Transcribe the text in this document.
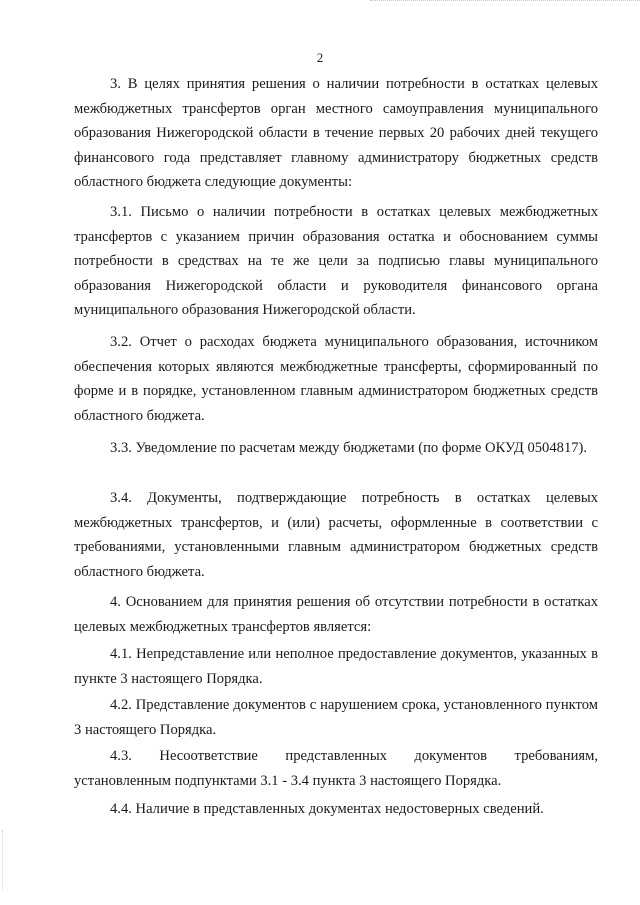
2

3. В целях принятия решения о наличии потребности в остатках целевых межбюджетных трансфертов орган местного самоуправления муниципального образования Нижегородской области в течение первых 20 рабочих дней текущего финансового года представляет главному администратору бюджетных средств областного бюджета следующие документы:

3.1. Письмо о наличии потребности в остатках целевых межбюджетных трансфертов с указанием причин образования остатка и обоснованием суммы потребности в средствах на те же цели за подписью главы муниципального образования Нижегородской области и руководителя финансового органа муниципального образования Нижегородской области.

3.2. Отчет о расходах бюджета муниципального образования, источником обеспечения которых являются межбюджетные трансферты, сформированный по форме и в порядке, установленном главным администратором бюджетных средств областного бюджета.

3.3. Уведомление по расчетам между бюджетами (по форме ОКУД 0504817).

3.4. Документы, подтверждающие потребность в остатках целевых межбюджетных трансфертов, и (или) расчеты, оформленные в соответствии с требованиями, установленными главным администратором бюджетных средств областного бюджета.

4. Основанием для принятия решения об отсутствии потребности в остатках целевых межбюджетных трансфертов является:

4.1. Непредставление или неполное предоставление документов, указанных в пункте 3 настоящего Порядка.

4.2. Представление документов с нарушением срока, установленного пунктом 3 настоящего Порядка.

4.3. Несоответствие представленных документов требованиям, установленным подпунктами 3.1 - 3.4 пункта 3 настоящего Порядка.

4.4. Наличие в представленных документах недостоверных сведений.
